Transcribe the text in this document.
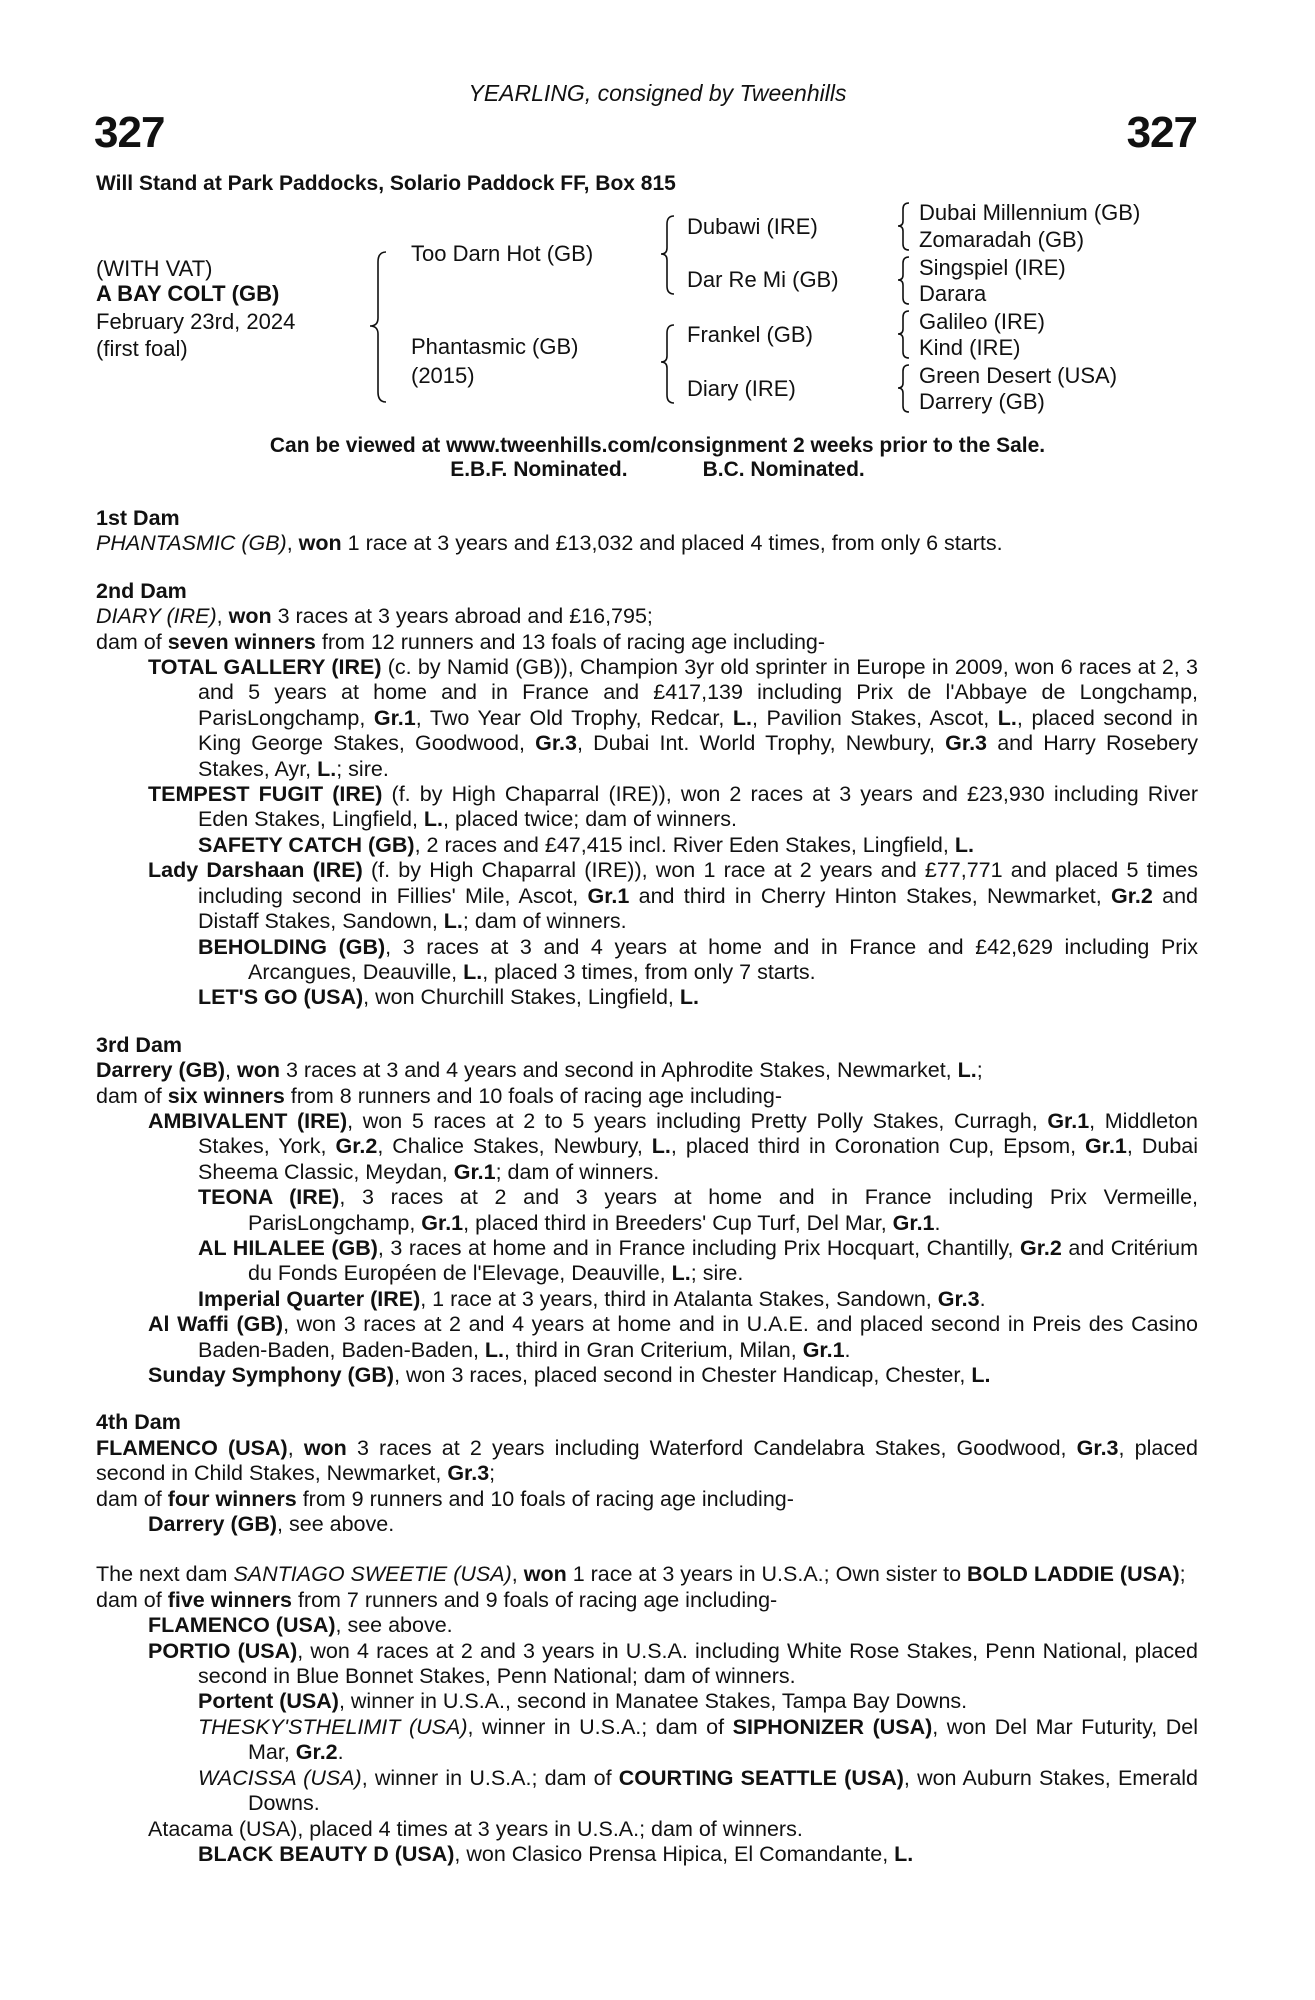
YEARLING, consigned by Tweenhills
327	327
Will Stand at Park Paddocks, Solario Paddock FF, Box 815
(WITH VAT)
A BAY COLT (GB)
February 23rd, 2024
(first foal)
Too Darn Hot (GB)
Phantasmic (GB)
(2015)
Dubawi (IRE)
Dar Re Mi (GB)
Frankel (GB)
Diary (IRE)
Dubai Millennium (GB)
Zomaradah (GB)
Singspiel (IRE)
Darara
Galileo (IRE)
Kind (IRE)
Green Desert (USA)
Darrery (GB)
Can be viewed at www.tweenhills.com/consignment 2 weeks prior to the Sale.
E.B.F. Nominated.	B.C. Nominated.
1st Dam
PHANTASMIC (GB), won 1 race at 3 years and £13,032 and placed 4 times, from only 6 starts.
2nd Dam
DIARY (IRE), won 3 races at 3 years abroad and £16,795;
dam of seven winners from 12 runners and 13 foals of racing age including-
TOTAL GALLERY (IRE) (c. by Namid (GB)), Champion 3yr old sprinter in Europe in 2009, won 6 races at 2, 3 and 5 years at home and in France and £417,139 including Prix de l'Abbaye de Longchamp, ParisLongchamp, Gr.1, Two Year Old Trophy, Redcar, L., Pavilion Stakes, Ascot, L., placed second in King George Stakes, Goodwood, Gr.3, Dubai Int. World Trophy, Newbury, Gr.3 and Harry Rosebery Stakes, Ayr, L.; sire.
TEMPEST FUGIT (IRE) (f. by High Chaparral (IRE)), won 2 races at 3 years and £23,930 including River Eden Stakes, Lingfield, L., placed twice; dam of winners.
SAFETY CATCH (GB), 2 races and £47,415 incl. River Eden Stakes, Lingfield, L.
Lady Darshaan (IRE) (f. by High Chaparral (IRE)), won 1 race at 2 years and £77,771 and placed 5 times including second in Fillies' Mile, Ascot, Gr.1 and third in Cherry Hinton Stakes, Newmarket, Gr.2 and Distaff Stakes, Sandown, L.; dam of winners.
BEHOLDING (GB), 3 races at 3 and 4 years at home and in France and £42,629 including Prix Arcangues, Deauville, L., placed 3 times, from only 7 starts.
LET'S GO (USA), won Churchill Stakes, Lingfield, L.
3rd Dam
Darrery (GB), won 3 races at 3 and 4 years and second in Aphrodite Stakes, Newmarket, L.;
dam of six winners from 8 runners and 10 foals of racing age including-
AMBIVALENT (IRE), won 5 races at 2 to 5 years including Pretty Polly Stakes, Curragh, Gr.1, Middleton Stakes, York, Gr.2, Chalice Stakes, Newbury, L., placed third in Coronation Cup, Epsom, Gr.1, Dubai Sheema Classic, Meydan, Gr.1; dam of winners.
TEONA (IRE), 3 races at 2 and 3 years at home and in France including Prix Vermeille, ParisLongchamp, Gr.1, placed third in Breeders' Cup Turf, Del Mar, Gr.1.
AL HILALEE (GB), 3 races at home and in France including Prix Hocquart, Chantilly, Gr.2 and Critérium du Fonds Européen de l'Elevage, Deauville, L.; sire.
Imperial Quarter (IRE), 1 race at 3 years, third in Atalanta Stakes, Sandown, Gr.3.
Al Waffi (GB), won 3 races at 2 and 4 years at home and in U.A.E. and placed second in Preis des Casino Baden-Baden, Baden-Baden, L., third in Gran Criterium, Milan, Gr.1.
Sunday Symphony (GB), won 3 races, placed second in Chester Handicap, Chester, L.
4th Dam
FLAMENCO (USA), won 3 races at 2 years including Waterford Candelabra Stakes, Goodwood, Gr.3, placed second in Child Stakes, Newmarket, Gr.3;
dam of four winners from 9 runners and 10 foals of racing age including-
Darrery (GB), see above.
The next dam SANTIAGO SWEETIE (USA), won 1 race at 3 years in U.S.A.; Own sister to BOLD LADDIE (USA);
dam of five winners from 7 runners and 9 foals of racing age including-
FLAMENCO (USA), see above.
PORTIO (USA), won 4 races at 2 and 3 years in U.S.A. including White Rose Stakes, Penn National, placed second in Blue Bonnet Stakes, Penn National; dam of winners.
Portent (USA), winner in U.S.A., second in Manatee Stakes, Tampa Bay Downs.
THESKY'STHELIMIT (USA), winner in U.S.A.; dam of SIPHONIZER (USA), won Del Mar Futurity, Del Mar, Gr.2.
WACISSA (USA), winner in U.S.A.; dam of COURTING SEATTLE (USA), won Auburn Stakes, Emerald Downs.
Atacama (USA), placed 4 times at 3 years in U.S.A.; dam of winners.
BLACK BEAUTY D (USA), won Clasico Prensa Hipica, El Comandante, L.
